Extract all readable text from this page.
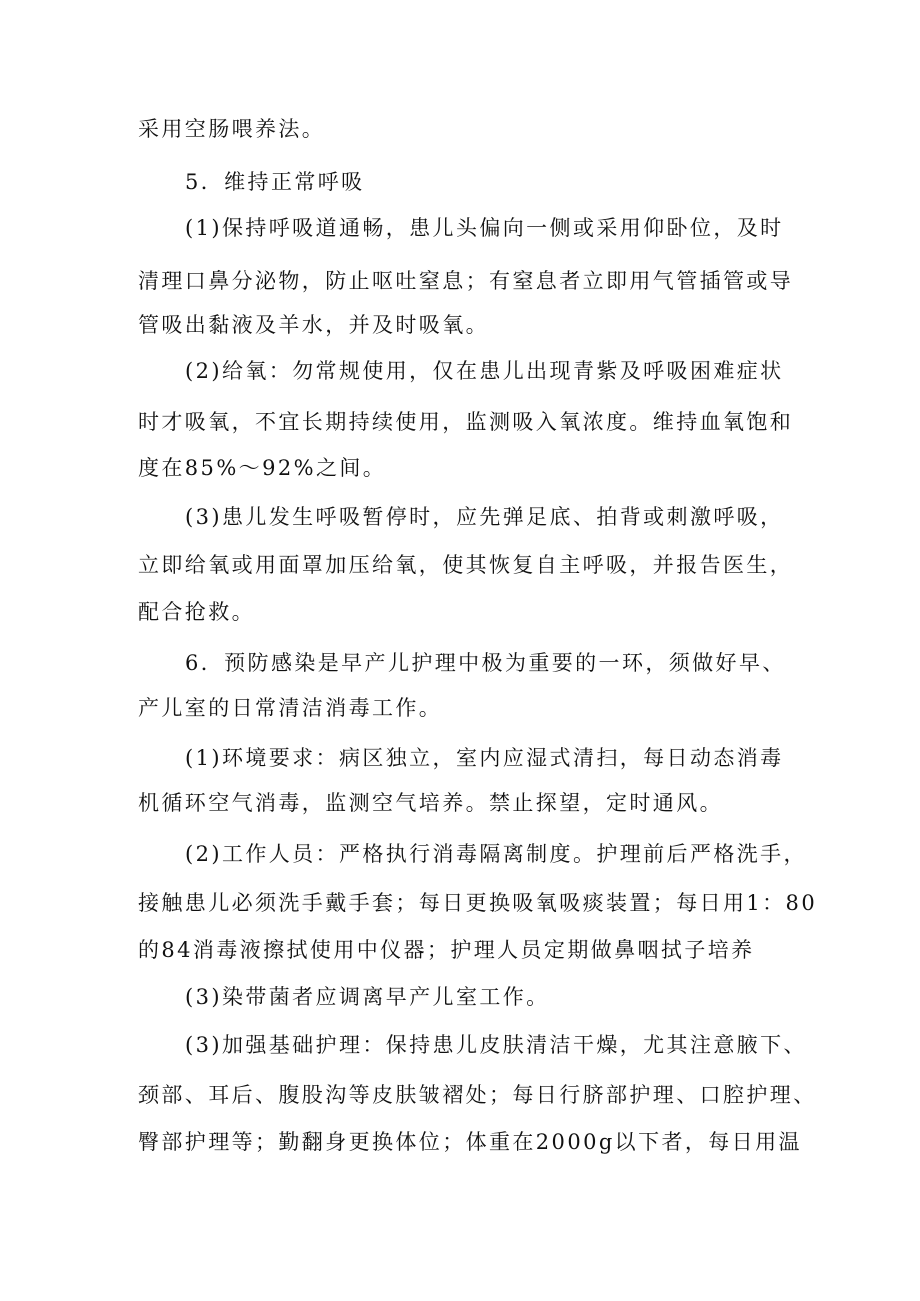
采用空肠喂养法。
5．维持正常呼吸
(1)保持呼吸道通畅，患儿头偏向一侧或采用仰卧位，及时
清理口鼻分泌物，防止呕吐窒息；有窒息者立即用气管插管或导
管吸出黏液及羊水，并及时吸氧。
(2)给氧：勿常规使用，仅在患儿出现青紫及呼吸困难症状
时才吸氧，不宜长期持续使用，监测吸入氧浓度。维持血氧饱和
度在85%～92%之间。
(3)患儿发生呼吸暂停时，应先弹足底、拍背或刺激呼吸，
立即给氧或用面罩加压给氧，使其恢复自主呼吸，并报告医生，
配合抢救。
6．预防感染是早产儿护理中极为重要的一环，须做好早、
产儿室的日常清洁消毒工作。
(1)环境要求：病区独立，室内应湿式清扫，每日动态消毒
机循环空气消毒，监测空气培养。禁止探望，定时通风。
(2)工作人员：严格执行消毒隔离制度。护理前后严格洗手，
接触患儿必须洗手戴手套；每日更换吸氧吸痰装置；每日用1：80
的84消毒液擦拭使用中仪器；护理人员定期做鼻咽拭子培养
(3)染带菌者应调离早产儿室工作。
(3)加强基础护理：保持患儿皮肤清洁干燥，尤其注意腋下、
颈部、耳后、腹股沟等皮肤皱褶处；每日行脐部护理、口腔护理、
臀部护理等；勤翻身更换体位；体重在2000g以下者，每日用温
